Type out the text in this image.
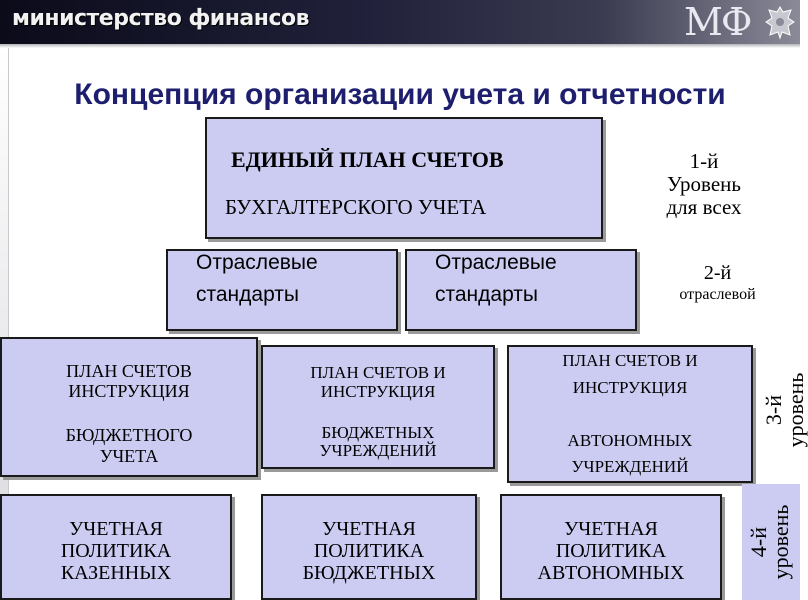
министерство финансов	МФ
Концепция организации учета и отчетности
ЕДИНЫЙ ПЛАН СЧЕТОВ
БУХГАЛТЕРСКОГО УЧЕТА
1-й
Уровень
для всех
Отраслевые
стандарты
Отраслевые
стандарты
2-й
отраслевой
ПЛАН СЧЕТОВ
ИНСТРУКЦИЯ
БЮДЖЕТНОГО
УЧЕТА
ПЛАН СЧЕТОВ И
ИНСТРУКЦИЯ
БЮДЖЕТНЫХ
УЧРЕЖДЕНИЙ
ПЛАН СЧЕТОВ И
ИНСТРУКЦИЯ
АВТОНОМНЫХ
УЧРЕЖДЕНИЙ
3-й
уровень
УЧЕТНАЯ
ПОЛИТИКА
КАЗЕННЫХ
УЧЕТНАЯ
ПОЛИТИКА
БЮДЖЕТНЫХ
УЧЕТНАЯ
ПОЛИТИКА
АВТОНОМНЫХ
4-й
уровень
